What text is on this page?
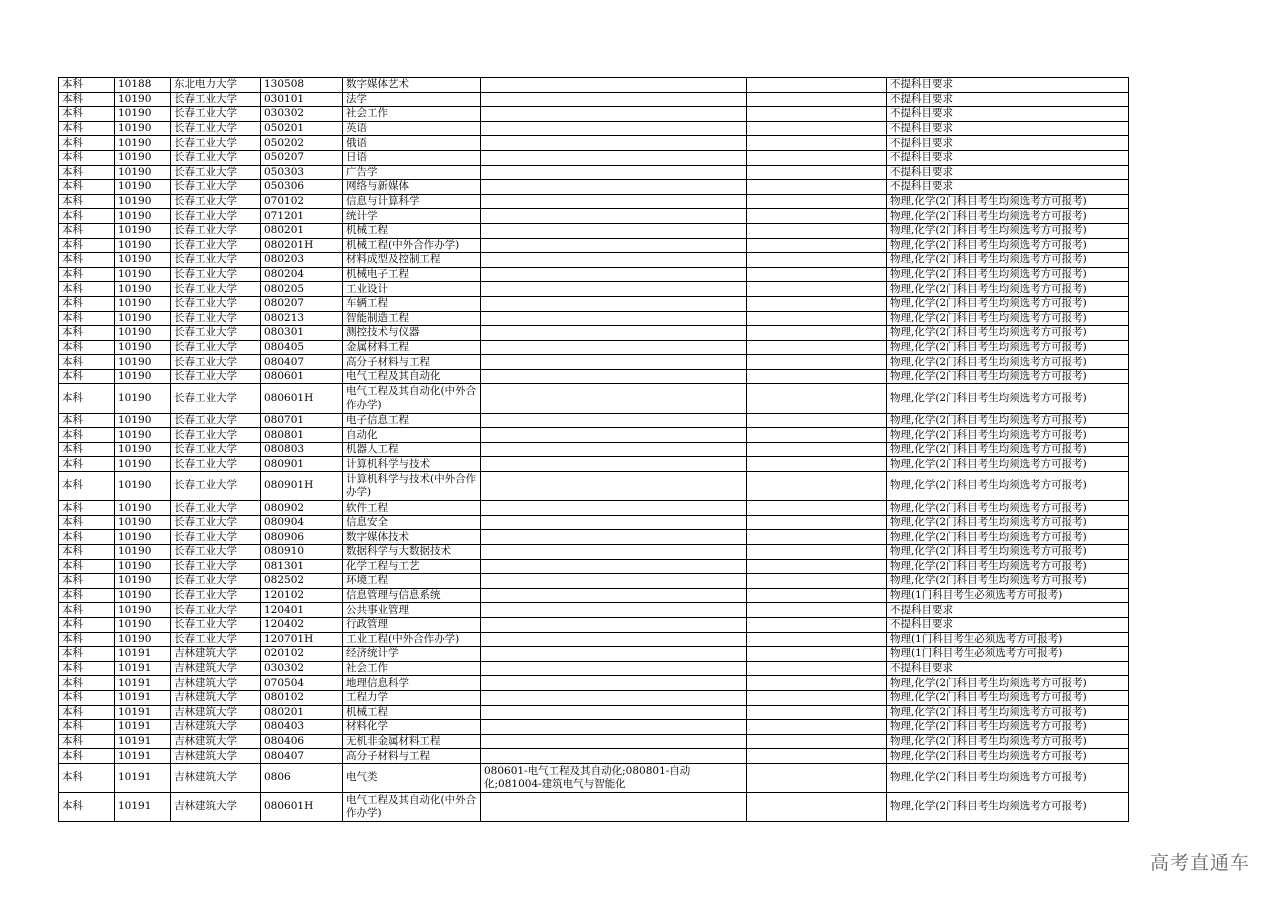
本科	10188	东北电力大学	130508	数字媒体艺术			不提科目要求
本科	10190	长春工业大学	030101	法学			不提科目要求
本科	10190	长春工业大学	030302	社会工作			不提科目要求
本科	10190	长春工业大学	050201	英语			不提科目要求
本科	10190	长春工业大学	050202	俄语			不提科目要求
本科	10190	长春工业大学	050207	日语			不提科目要求
本科	10190	长春工业大学	050303	广告学			不提科目要求
本科	10190	长春工业大学	050306	网络与新媒体			不提科目要求
本科	10190	长春工业大学	070102	信息与计算科学			物理,化学(2门科目考生均须选考方可报考)
本科	10190	长春工业大学	071201	统计学			物理,化学(2门科目考生均须选考方可报考)
本科	10190	长春工业大学	080201	机械工程			物理,化学(2门科目考生均须选考方可报考)
本科	10190	长春工业大学	080201H	机械工程(中外合作办学)			物理,化学(2门科目考生均须选考方可报考)
本科	10190	长春工业大学	080203	材料成型及控制工程			物理,化学(2门科目考生均须选考方可报考)
本科	10190	长春工业大学	080204	机械电子工程			物理,化学(2门科目考生均须选考方可报考)
本科	10190	长春工业大学	080205	工业设计			物理,化学(2门科目考生均须选考方可报考)
本科	10190	长春工业大学	080207	车辆工程			物理,化学(2门科目考生均须选考方可报考)
本科	10190	长春工业大学	080213	智能制造工程			物理,化学(2门科目考生均须选考方可报考)
本科	10190	长春工业大学	080301	测控技术与仪器			物理,化学(2门科目考生均须选考方可报考)
本科	10190	长春工业大学	080405	金属材料工程			物理,化学(2门科目考生均须选考方可报考)
本科	10190	长春工业大学	080407	高分子材料与工程			物理,化学(2门科目考生均须选考方可报考)
本科	10190	长春工业大学	080601	电气工程及其自动化			物理,化学(2门科目考生均须选考方可报考)
本科	10190	长春工业大学	080601H	电气工程及其自动化(中外合作办学)			物理,化学(2门科目考生均须选考方可报考)
本科	10190	长春工业大学	080701	电子信息工程			物理,化学(2门科目考生均须选考方可报考)
本科	10190	长春工业大学	080801	自动化			物理,化学(2门科目考生均须选考方可报考)
本科	10190	长春工业大学	080803	机器人工程			物理,化学(2门科目考生均须选考方可报考)
本科	10190	长春工业大学	080901	计算机科学与技术			物理,化学(2门科目考生均须选考方可报考)
本科	10190	长春工业大学	080901H	计算机科学与技术(中外合作办学)			物理,化学(2门科目考生均须选考方可报考)
本科	10190	长春工业大学	080902	软件工程			物理,化学(2门科目考生均须选考方可报考)
本科	10190	长春工业大学	080904	信息安全			物理,化学(2门科目考生均须选考方可报考)
本科	10190	长春工业大学	080906	数字媒体技术			物理,化学(2门科目考生均须选考方可报考)
本科	10190	长春工业大学	080910	数据科学与大数据技术			物理,化学(2门科目考生均须选考方可报考)
本科	10190	长春工业大学	081301	化学工程与工艺			物理,化学(2门科目考生均须选考方可报考)
本科	10190	长春工业大学	082502	环境工程			物理,化学(2门科目考生均须选考方可报考)
本科	10190	长春工业大学	120102	信息管理与信息系统			物理(1门科目考生必须选考方可报考)
本科	10190	长春工业大学	120401	公共事业管理			不提科目要求
本科	10190	长春工业大学	120402	行政管理			不提科目要求
本科	10190	长春工业大学	120701H	工业工程(中外合作办学)			物理(1门科目考生必须选考方可报考)
本科	10191	吉林建筑大学	020102	经济统计学			物理(1门科目考生必须选考方可报考)
本科	10191	吉林建筑大学	030302	社会工作			不提科目要求
本科	10191	吉林建筑大学	070504	地理信息科学			物理,化学(2门科目考生均须选考方可报考)
本科	10191	吉林建筑大学	080102	工程力学			物理,化学(2门科目考生均须选考方可报考)
本科	10191	吉林建筑大学	080201	机械工程			物理,化学(2门科目考生均须选考方可报考)
本科	10191	吉林建筑大学	080403	材料化学			物理,化学(2门科目考生均须选考方可报考)
本科	10191	吉林建筑大学	080406	无机非金属材料工程			物理,化学(2门科目考生均须选考方可报考)
本科	10191	吉林建筑大学	080407	高分子材料与工程			物理,化学(2门科目考生均须选考方可报考)
本科	10191	吉林建筑大学	0806	电气类	080601-电气工程及其自动化;080801-自动化;081004-建筑电气与智能化		物理,化学(2门科目考生均须选考方可报考)
本科	10191	吉林建筑大学	080601H	电气工程及其自动化(中外合作办学)			物理,化学(2门科目考生均须选考方可报考)
高考直通车
